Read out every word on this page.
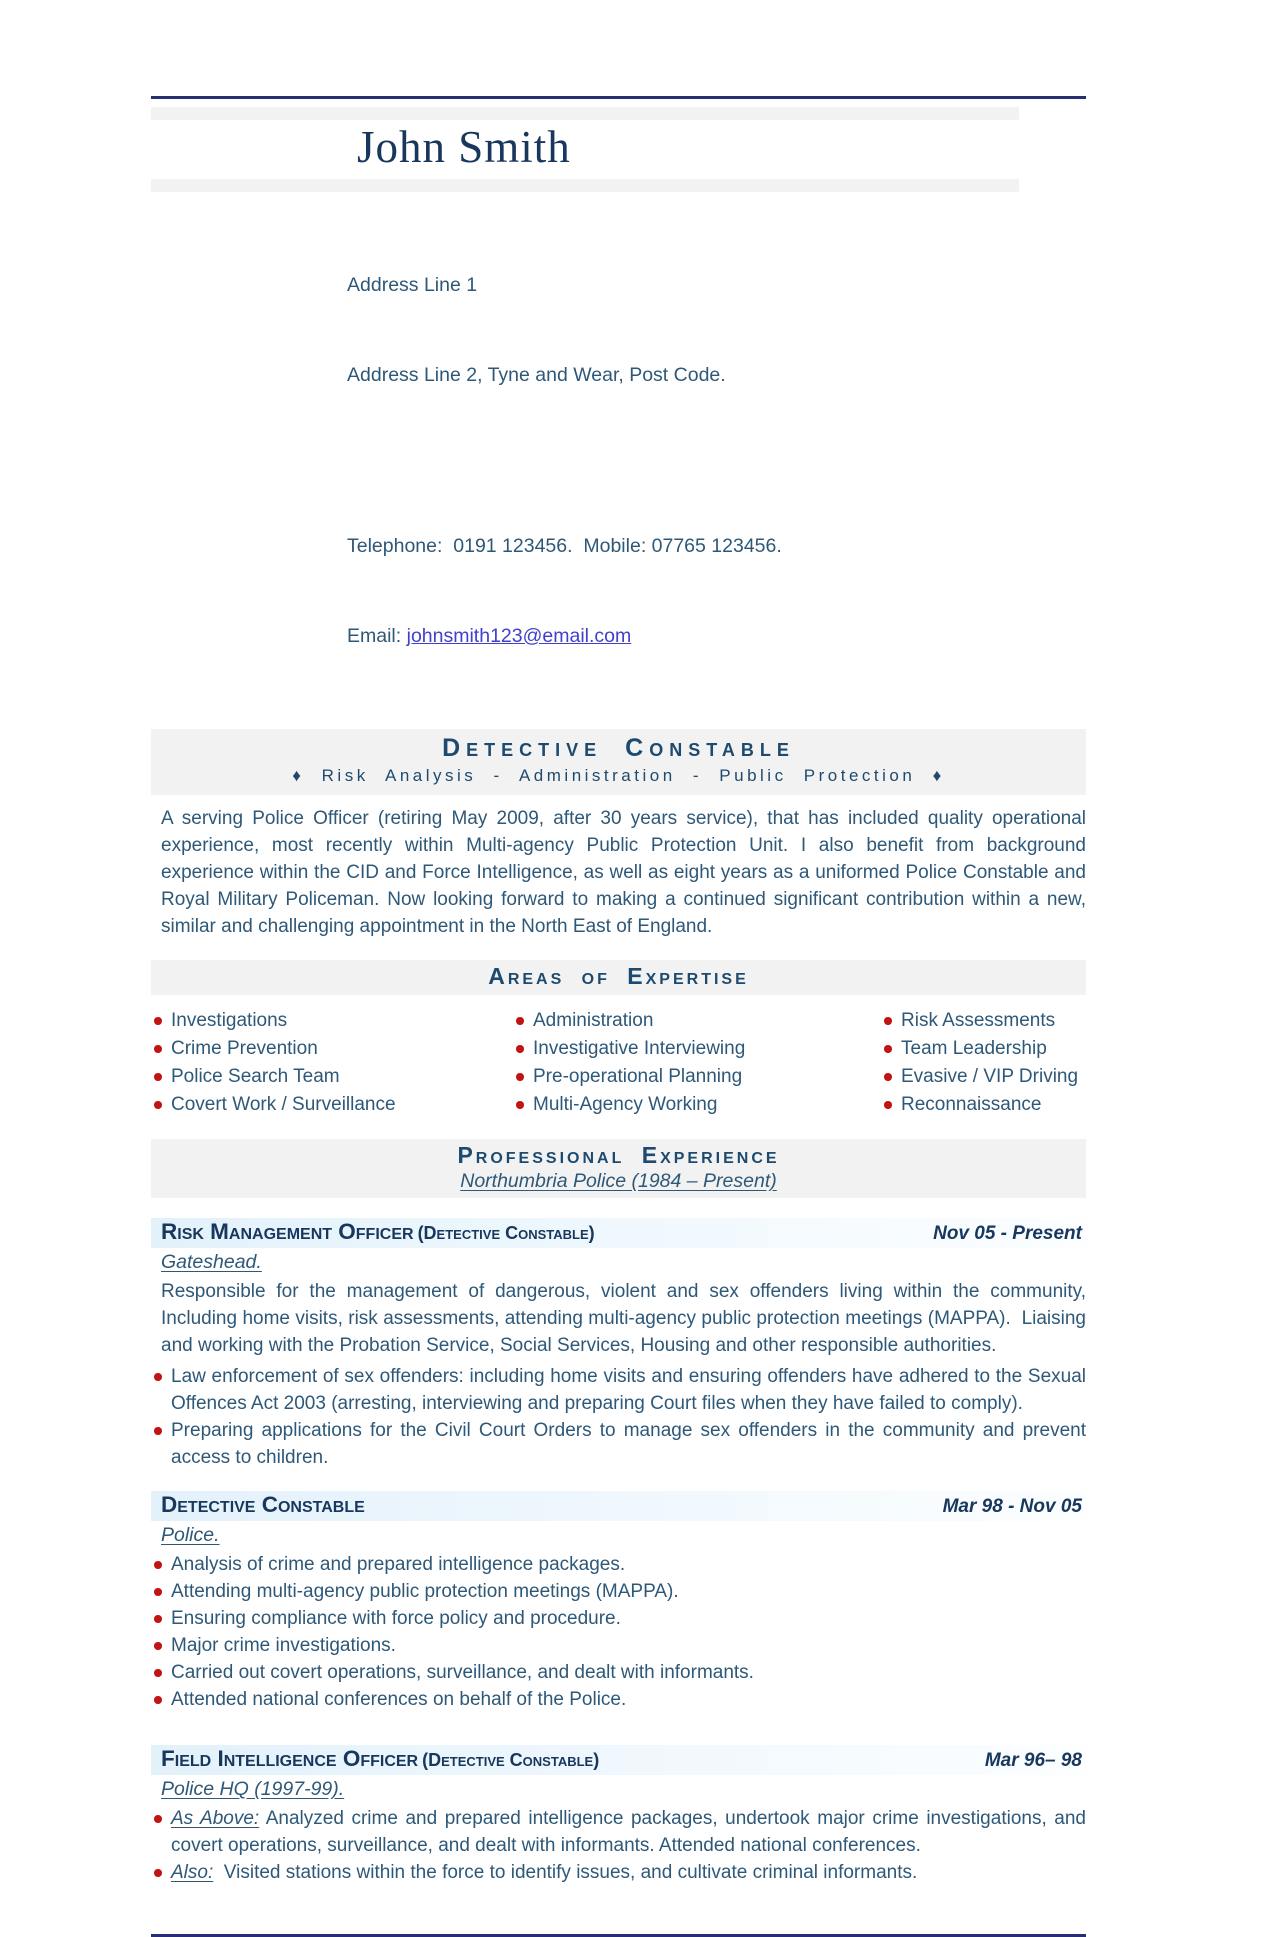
John Smith

Address Line 1

Address Line 2, Tyne and Wear, Post Code.

Telephone:  0191 123456.  Mobile: 07765 123456.

Email: johnsmith123@email.com

Detective Constable
♦ Risk Analysis - Administration - Public Protection ♦

A serving Police Officer (retiring May 2009, after 30 years service), that has included quality operational experience, most recently within Multi-agency Public Protection Unit. I also benefit from background experience within the CID and Force Intelligence, as well as eight years as a uniformed Police Constable and Royal Military Policeman. Now looking forward to making a continued significant contribution within a new, similar and challenging appointment in the North East of England.

Areas of Expertise
Investigations
Crime Prevention
Police Search Team
Covert Work / Surveillance
Administration
Investigative Interviewing
Pre-operational Planning
Multi-Agency Working
Risk Assessments
Team Leadership
Evasive / VIP Driving
Reconnaissance
Professional Experience

Northumbria Police (1984 – Present)

Risk Management Officer (Detective Constable)	Nov 05 - Present

Gateshead.

Responsible for the management of dangerous, violent and sex offenders living within the community, Including home visits, risk assessments, attending multi-agency public protection meetings (MAPPA).  Liaising and working with the Probation Service, Social Services, Housing and other responsible authorities.

Law enforcement of sex offenders: including home visits and ensuring offenders have adhered to the Sexual Offences Act 2003 (arresting, interviewing and preparing Court files when they have failed to comply).

Preparing applications for the Civil Court Orders to manage sex offenders in the community and prevent access to children.

Detective Constable	Mar 98 - Nov 05

Police.

Analysis of crime and prepared intelligence packages.

Attending multi-agency public protection meetings (MAPPA).

Ensuring compliance with force policy and procedure.

Major crime investigations.

Carried out covert operations, surveillance, and dealt with informants.

Attended national conferences on behalf of the Police.

Field Intelligence Officer (Detective Constable)	Mar 96– 98

Police HQ (1997-99).

As Above: Analyzed crime and prepared intelligence packages, undertook major crime investigations, and covert operations, surveillance, and dealt with informants. Attended national conferences.

Also:  Visited stations within the force to identify issues, and cultivate criminal informants.
